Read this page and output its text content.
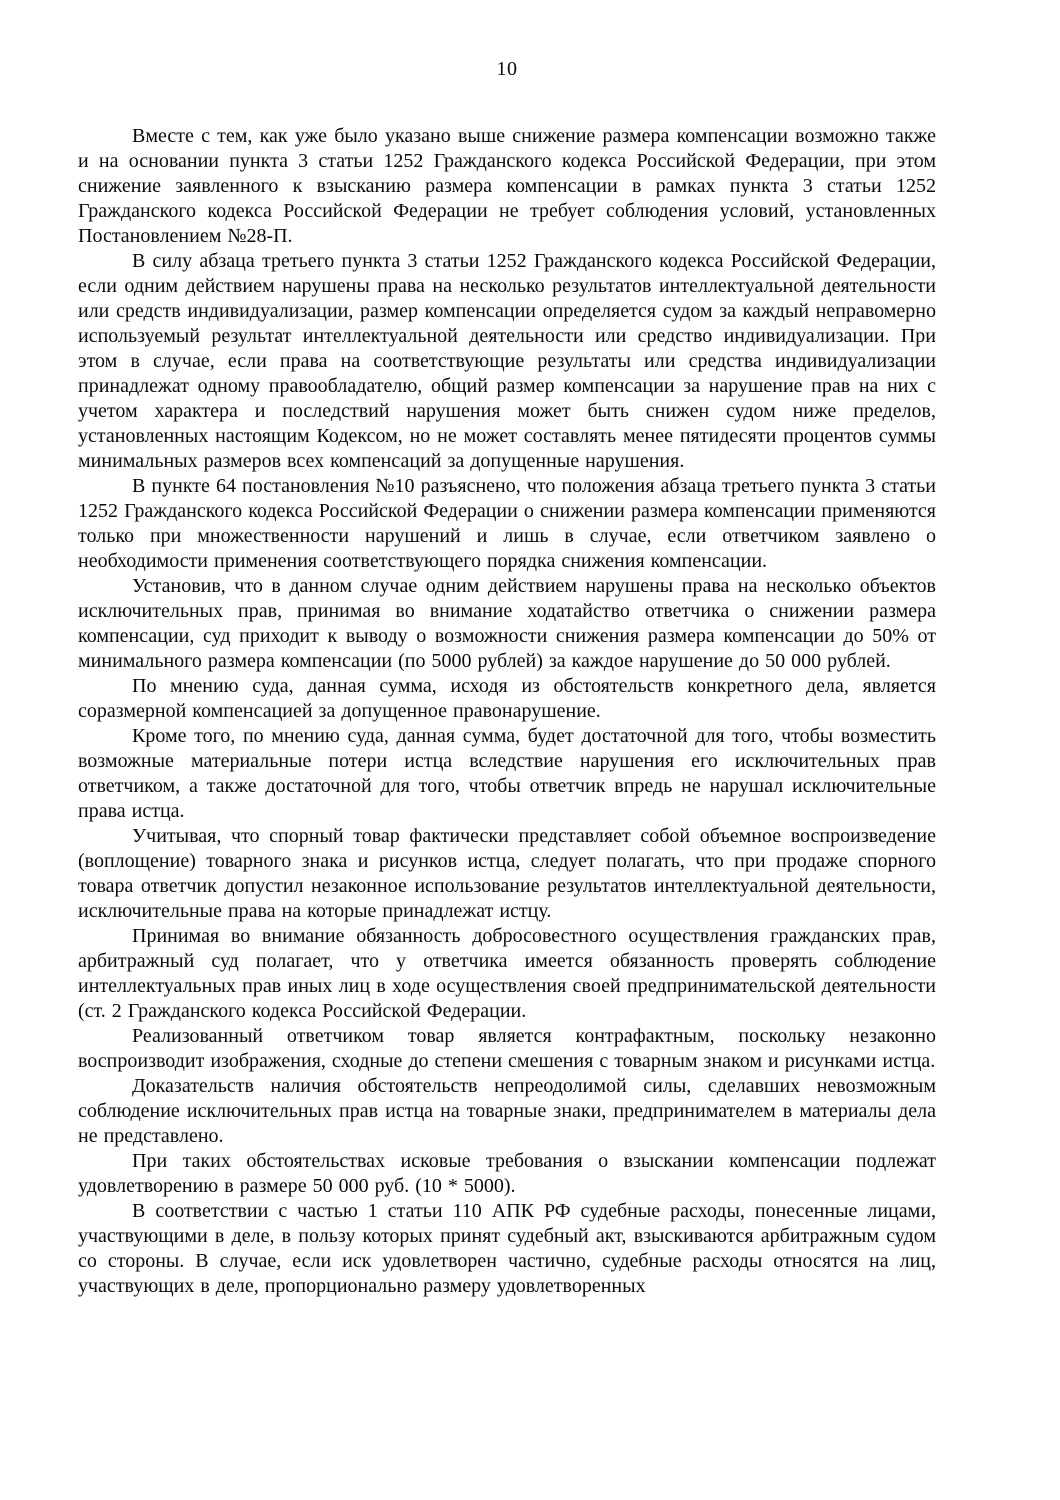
10

Вместе с тем, как уже было указано выше снижение размера компенсации возможно также и на основании пункта 3 статьи 1252 Гражданского кодекса Российской Федерации, при этом снижение заявленного к взысканию размера компенсации в рамках пункта 3 статьи 1252 Гражданского кодекса Российской Федерации не требует соблюдения условий, установленных Постановлением №28-П.

В силу абзаца третьего пункта 3 статьи 1252 Гражданского кодекса Российской Федерации, если одним действием нарушены права на несколько результатов интеллектуальной деятельности или средств индивидуализации, размер компенсации определяется судом за каждый неправомерно используемый результат интеллектуальной деятельности или средство индивидуализации. При этом в случае, если права на соответствующие результаты или средства индивидуализации принадлежат одному правообладателю, общий размер компенсации за нарушение прав на них с учетом характера и последствий нарушения может быть снижен судом ниже пределов, установленных настоящим Кодексом, но не может составлять менее пятидесяти процентов суммы минимальных размеров всех компенсаций за допущенные нарушения.

В пункте 64 постановления №10 разъяснено, что положения абзаца третьего пункта 3 статьи 1252 Гражданского кодекса Российской Федерации о снижении размера компенсации применяются только при множественности нарушений и лишь в случае, если ответчиком заявлено о необходимости применения соответствующего порядка снижения компенсации.

Установив, что в данном случае одним действием нарушены права на несколько объектов исключительных прав, принимая во внимание ходатайство ответчика о снижении размера компенсации, суд приходит к выводу о возможности снижения размера компенсации до 50% от минимального размера компенсации (по 5000 рублей) за каждое нарушение до 50 000 рублей.

По мнению суда, данная сумма, исходя из обстоятельств конкретного дела, является соразмерной компенсацией за допущенное правонарушение.

Кроме того, по мнению суда, данная сумма, будет достаточной для того, чтобы возместить возможные материальные потери истца вследствие нарушения его исключительных прав ответчиком, а также достаточной для того, чтобы ответчик впредь не нарушал исключительные права истца.

Учитывая, что спорный товар фактически представляет собой объемное воспроизведение (воплощение) товарного знака и рисунков истца, следует полагать, что при продаже спорного товара ответчик допустил незаконное использование результатов интеллектуальной деятельности, исключительные права на которые принадлежат истцу.

Принимая во внимание обязанность добросовестного осуществления гражданских прав, арбитражный суд полагает, что у ответчика имеется обязанность проверять соблюдение интеллектуальных прав иных лиц в ходе осуществления своей предпринимательской деятельности (ст. 2 Гражданского кодекса Российской Федерации.

Реализованный ответчиком товар является контрафактным, поскольку незаконно воспроизводит изображения, сходные до степени смешения с товарным знаком и рисунками истца.

Доказательств наличия обстоятельств непреодолимой силы, сделавших невозможным соблюдение исключительных прав истца на товарные знаки, предпринимателем в материалы дела не представлено.

При таких обстоятельствах исковые требования о взыскании компенсации подлежат удовлетворению в размере 50 000 руб. (10 * 5000).

В соответствии с частью 1 статьи 110 АПК РФ судебные расходы, понесенные лицами, участвующими в деле, в пользу которых принят судебный акт, взыскиваются арбитражным судом со стороны. В случае, если иск удовлетворен частично, судебные расходы относятся на лиц, участвующих в деле, пропорционально размеру удовлетворенных
